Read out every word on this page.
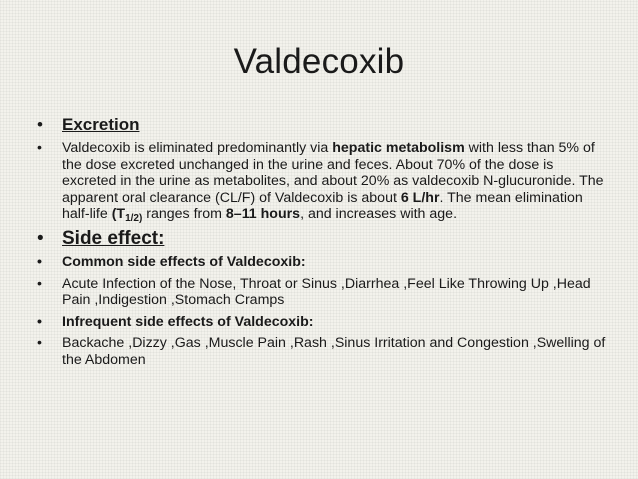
Valdecoxib
• Excretion
• Valdecoxib is eliminated predominantly via hepatic metabolism with less than 5% of the dose excreted unchanged in the urine and feces. About 70% of the dose is excreted in the urine as metabolites, and about 20% as valdecoxib N-glucuronide. The apparent oral clearance (CL/F) of Valdecoxib is about 6 L/hr. The mean elimination half-life ($T_{1/2)}$ ranges from 8–11 hours, and increases with age.
• Side effect:
• Common side effects of Valdecoxib:
• Acute Infection of the Nose, Throat or Sinus ,Diarrhea ,Feel Like Throwing Up ,Head Pain ,Indigestion ,Stomach Cramps
• Infrequent side effects of Valdecoxib:
• Backache ,Dizzy ,Gas ,Muscle Pain ,Rash ,Sinus Irritation and Congestion ,Swelling of the Abdomen
